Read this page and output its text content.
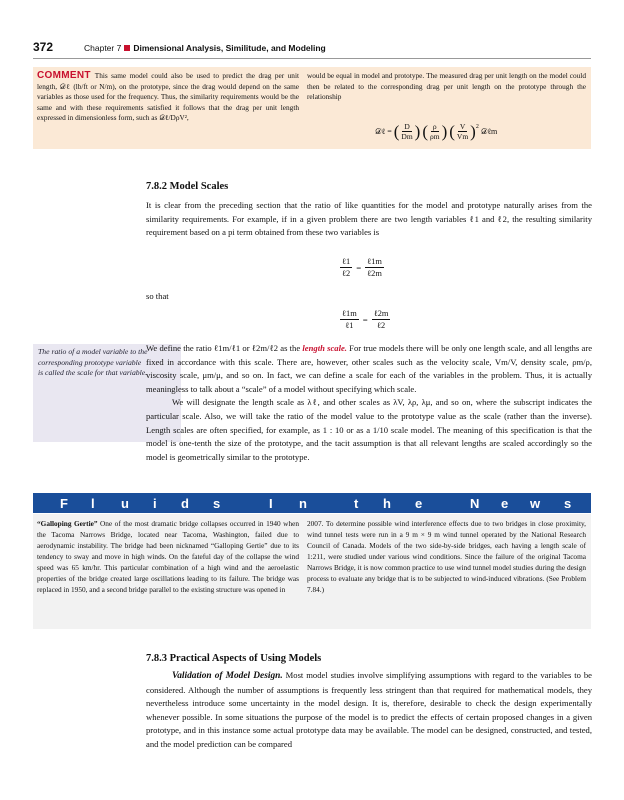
372	Chapter 7 Dimensional Analysis, Similitude, and Modeling
COMMENT This same model could also be used to predict the drag per unit length, 𝒟ℓ (lb/ft or N/m), on the prototype, since the drag would depend on the same variables as those used for the frequency. Thus, the similarity requirements would be the same and with these requirements satisfied it follows that the drag per unit length expressed in dimensionless form, such as 𝒟ℓ/DρV²,
would be equal in model and prototype. The measured drag per unit length on the model could then be related to the corresponding drag per unit length on the prototype through the relationship
𝒟ℓ = ( $\frac{D}{Dm}$ ) ( $\frac{\rho}{\rho m}$ ) ( $\frac{V}{Vm} )^2$ 𝒟ℓm
7.8.2 Model Scales
It is clear from the preceding section that the ratio of like quantities for the model and prototype naturally arises from the similarity requirements. For example, if in a given problem there are two length variables ℓ1 and ℓ2, the resulting similarity requirement based on a pi term obtained from these two variables is
$\frac{\text{ℓ1}}{\text{ℓ2}} = \frac{\text{ℓ1m}}{\text{ℓ2m}}$
so that
$\frac{\text{ℓ1m}}{\text{ℓ1}} = \frac{\text{ℓ2m}}{\text{ℓ2}}$
The ratio of a model variable to the corresponding prototype variable is called the scale for that variable.
We define the ratio ℓ1m/ℓ1 or ℓ2m/ℓ2 as the length scale. For true models there will be only one length scale, and all lengths are fixed in accordance with this scale. There are, however, other scales such as the velocity scale, Vm/V, density scale, ρm/ρ, viscosity scale, μm/μ, and so on. In fact, we can define a scale for each of the variables in the problem. Thus, it is actually meaningless to talk about a “scale” of a model without specifying which scale.
We will designate the length scale as λℓ, and other scales as λV, λρ, λμ, and so on, where the subscript indicates the particular scale. Also, we will take the ratio of the model value to the prototype value as the scale (rather than the inverse). Length scales are often specified, for example, as 1 : 10 or as a 1/10 scale model. The meaning of this specification is that the model is one-tenth the size of the prototype, and the tacit assumption is that all relevant lengths are scaled accordingly so the model is geometrically similar to the prototype.
F l u i d s	I n	t h e	N e w s
“Galloping Gertie” One of the most dramatic bridge collapses occurred in 1940 when the Tacoma Narrows Bridge, located near Tacoma, Washington, failed due to aerodynamic instability. The bridge had been nicknamed “Galloping Gertie” due to its tendency to sway and move in high winds. On the fateful day of the collapse the wind speed was 65 km/hr. This particular combination of a high wind and the aeroelastic properties of the bridge created large oscillations leading to its failure. The bridge was replaced in 1950, and a second bridge parallel to the existing structure was opened in
2007. To determine possible wind interference effects due to two bridges in close proximity, wind tunnel tests were run in a 9 m × 9 m wind tunnel operated by the National Research Council of Canada. Models of the two side-by-side bridges, each having a length scale of 1:211, were studied under various wind conditions. Since the failure of the original Tacoma Narrows Bridge, it is now common practice to use wind tunnel model studies during the design process to evaluate any bridge that is to be subjected to wind-induced vibrations. (See Problem 7.84.)
7.8.3 Practical Aspects of Using Models
Validation of Model Design. Most model studies involve simplifying assumptions with regard to the variables to be considered. Although the number of assumptions is frequently less stringent than that required for mathematical models, they nevertheless introduce some uncertainty in the model design. It is, therefore, desirable to check the design experimentally whenever possible. In some situations the purpose of the model is to predict the effects of certain proposed changes in a given prototype, and in this instance some actual prototype data may be available. The model can be designed, constructed, and tested, and the model prediction can be compared
